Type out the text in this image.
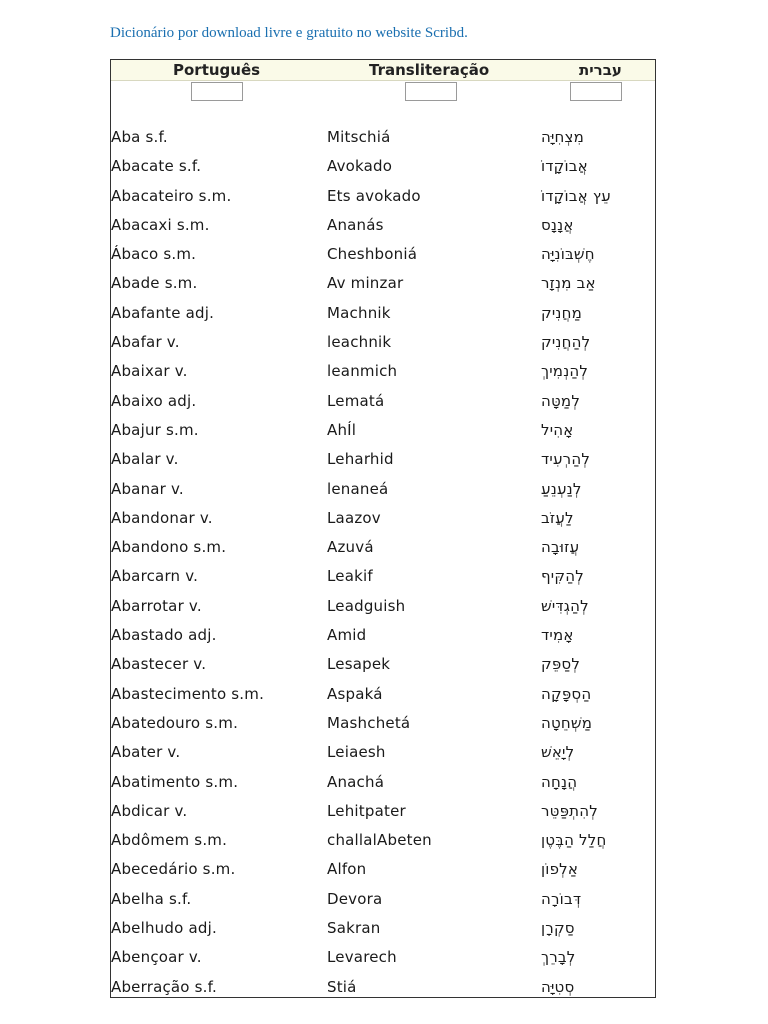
Dicionário por download livre e gratuito no website Scribd.
Português	Transliteração	עברית
Aba s.f.	Mitschiá	מִצְחִיָּה
Abacate s.f.	Avokado	אֲבוֹקָדוֹ
Abacateiro s.m.	Ets avokado	עֵץ אֲבוֹקָדוֹ
Abacaxi s.m.	Ananás	אֲנָנָס
Ábaco s.m.	Cheshboniá	חֶשְׁבּוֹנִיָּה
Abade s.m.	Av minzar	אַב מִנְזָר
Abafante adj.	Machnik	מַחֲנִיק
Abafar v.	leachnik	לְהַחֲנִיק
Abaixar v.	leanmich	לְהַנְמִיךְ
Abaixo adj.	Lematá	לְמַטָּה
Abajur s.m.	AhÍl	אָהִיל
Abalar v.	Leharhid	לְהַרְעִיד
Abanar v.	lenaneá	לְנַעְנֵעַ
Abandonar v.	Laazov	לַעֲזֹב
Abandono s.m.	Azuvá	עֲזוּבָה
Abarcarn v.	Leakif	לְהַקִּיף
Abarrotar v.	Leadguish	לְהַגְדִּישׁ
Abastado adj.	Amid	אָמִיד
Abastecer v.	Lesapek	לְסַפֵּק
Abastecimento s.m.	Aspaká	הַסְפָּקָה
Abatedouro s.m.	Mashchetá	מַשְׁחֵטָה
Abater v.	Leiaesh	לְיָאֵשׁ
Abatimento s.m.	Anachá	הֲנָחָה
Abdicar v.	Lehitpater	לְהִתְפַּטֵּר
Abdômem s.m.	challalAbeten	חֲלַל הַבֶּטֶן
Abecedário s.m.	Alfon	אַלְפוֹן
Abelha s.f.	Devora	דְּבוֹרָה
Abelhudo adj.	Sakran	סַקְרָן
Abençoar v.	Levarech	לְבָרֵךְ
Aberração s.f.	Stiá	סְטִיָּה
